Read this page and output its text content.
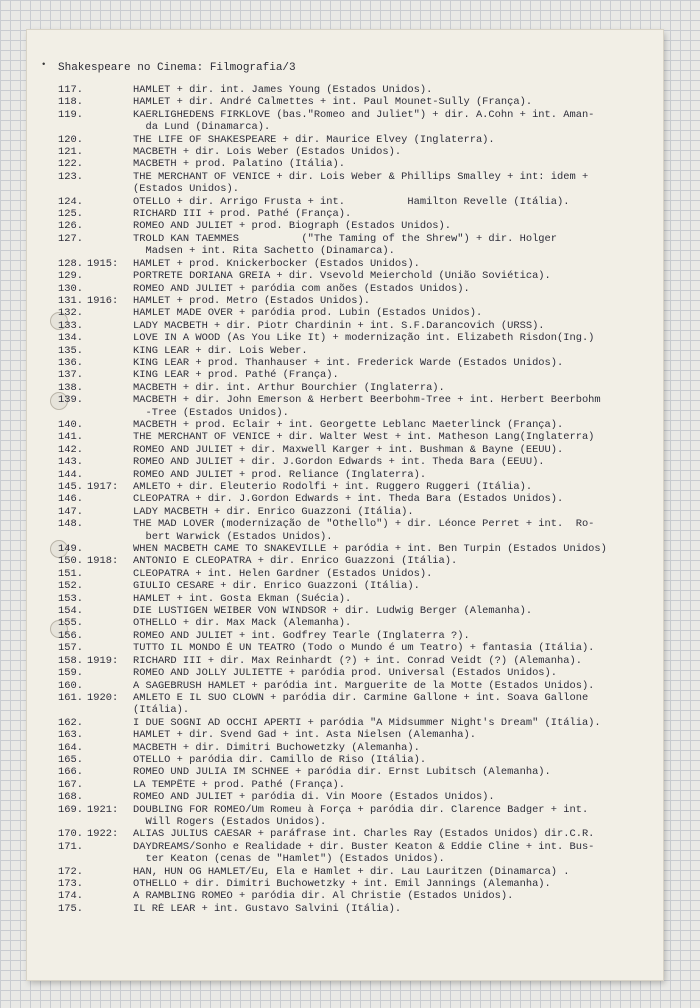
• Shakespeare no Cinema: Filmografia/3
117.	HAMLET + dir. int. James Young (Estados Unidos).
118.	HAMLET + dir. André Calmettes + int. Paul Mounet-Sully (França).
119.	KAERLIGHEDENS FIRKLOVE (bas."Romeo and Juliet") + dir. A.Cohn + int. Aman-
da Lund (Dinamarca).
120.	THE LIFE OF SHAKESPEARE + dir. Maurice Elvey (Inglaterra).
121.	MACBETH + dir. Lois Weber (Estados Unidos).
122.	MACBETH + prod. Palatino (Itália).
123.	THE MERCHANT OF VENICE + dir. Lois Weber & Phillips Smalley + int: idem +
(Estados Unidos).
124.	OTELLO + dir. Arrigo Frusta + int.          Hamilton Revelle (Itália).
125.	RICHARD III + prod. Pathé (França).
126.	ROMEO AND JULIET + prod. Biograph (Estados Unidos).
127.	TROLD KAN TAEMMES          ("The Taming of the Shrew") + dir. Holger
Madsen + int. Rita Sachetto (Dinamarca).
128. 1915:	HAMLET + prod. Knickerbocker (Estados Unidos).
129.	PORTRETE DORIANA GREIA + dir. Vsevold Meierchold (União Soviética).
130.	ROMEO AND JULIET + paródia com anões (Estados Unidos).
131. 1916:	HAMLET + prod. Metro (Estados Unidos).
132.	HAMLET MADE OVER + paródia prod. Lubin (Estados Unidos).
133.	LADY MACBETH + dir. Piotr Chardinin + int. S.F.Darancovich (URSS).
134.	LOVE IN A WOOD (As You Like It) + modernização int. Elizabeth Risdon(Ing.)
135.	KING LEAR + dir. Lois Weber.
136.	KING LEAR + prod. Thanhauser + int. Frederick Warde (Estados Unidos).
137.	KING LEAR + prod. Pathé (França).
138.	MACBETH + dir. int. Arthur Bourchier (Inglaterra).
139.	MACBETH + dir. John Emerson & Herbert Beerbohm-Tree + int. Herbert Beerbohm
-Tree (Estados Unidos).
140.	MACBETH + prod. Eclair + int. Georgette Leblanc Maeterlinck (França).
141.	THE MERCHANT OF VENICE + dir. Walter West + int. Matheson Lang(Inglaterra)
142.	ROMEO AND JULIET + dir. Maxwell Karger + int. Bushman & Bayne (EEUU).
143.	ROMEO AND JULIET + dir. J.Gordon Edwards + int. Theda Bara (EEUU).
144.	ROMEO AND JULIET + prod. Reliance (Inglaterra).
145. 1917:	AMLETO + dir. Eleuterio Rodolfi + int. Ruggero Ruggeri (Itália).
146.	CLEOPATRA + dir. J.Gordon Edwards + int. Theda Bara (Estados Unidos).
147.	LADY MACBETH + dir. Enrico Guazzoni (Itália).
148.	THE MAD LOVER (modernização de "Othello") + dir. Léonce Perret + int.  Ro-
bert Warwick (Estados Unidos).
149.	WHEN MACBETH CAME TO SNAKEVILLE + paródia + int. Ben Turpin (Estados Unidos)
150. 1918:	ANTONIO E CLEOPATRA + dir. Enrico Guazzoni (Itália).
151.	CLEOPATRA + int. Helen Gardner (Estados Unidos).
152.	GIULIO CESARE + dir. Enrico Guazzoni (Itália).
153.	HAMLET + int. Gosta Ekman (Suécia).
154.	DIE LUSTIGEN WEIBER VON WINDSOR + dir. Ludwig Berger (Alemanha).
155.	OTHELLO + dir. Max Mack (Alemanha).
156.	ROMEO AND JULIET + int. Godfrey Tearle (Inglaterra ?).
157.	TUTTO IL MONDO È UN TEATRO (Todo o Mundo é um Teatro) + fantasia (Itália).
158. 1919:	RICHARD III + dir. Max Reinhardt (?) + int. Conrad Veidt (?) (Alemanha).
159.	ROMEO AND JOLLY JULIETTE + paródia prod. Universal (Estados Unidos).
160.	A SAGEBRUSH HAMLET + paródia int. Marguerite de la Motte (Estados Unidos).
161. 1920:	AMLETO E IL SUO CLOWN + paródia dir. Carmine Gallone + int. Soava Gallone
(Itália).
162.	I DUE SOGNI AD OCCHI APERTI + paródia "A Midsummer Night's Dream" (Itália).
163.	HAMLET + dir. Svend Gad + int. Asta Nielsen (Alemanha).
164.	MACBETH + dir. Dimitri Buchowetzky (Alemanha).
165.	OTELLO + paródia dir. Camillo de Riso (Itália).
166.	ROMEO UND JULIA IM SCHNEE + paródia dir. Ernst Lubitsch (Alemanha).
167.	LA TEMPÊTE + prod. Pathé (França).
168.	ROMEO AND JULIET + paródia di. Vin Moore (Estados Unidos).
169. 1921:	DOUBLING FOR ROMEO/Um Romeu à Força + paródia dir. Clarence Badger + int.
Will Rogers (Estados Unidos).
170. 1922:	ALIAS JULIUS CAESAR + paráfrase int. Charles Ray (Estados Unidos) dir.C.R.
171.	DAYDREAMS/Sonho e Realidade + dir. Buster Keaton & Eddie Cline + int. Bus-
ter Keaton (cenas de "Hamlet") (Estados Unidos).
172.	HAN, HUN OG HAMLET/Eu, Ela e Hamlet + dir. Lau Lauritzen (Dinamarca) .
173.	OTHELLO + dir. Dimitri Buchowetzky + int. Emil Jannings (Alemanha).
174.	A RAMBLING ROMEO + paródia dir. Al Christie (Estados Unidos).
175.	IL RÈ LEAR + int. Gustavo Salvini (Itália).
